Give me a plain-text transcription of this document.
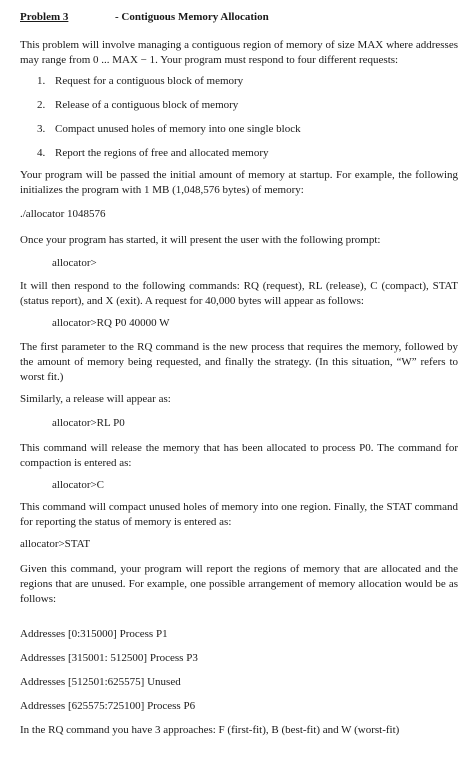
Problem 3	- Contiguous Memory Allocation

This problem will involve managing a contiguous region of memory of size MAX where addresses may range from 0 ... MAX − 1. Your program must respond to four different requests:

1. Request for a contiguous block of memory
2. Release of a contiguous block of memory
3. Compact unused holes of memory into one single block
4. Report the regions of free and allocated memory

Your program will be passed the initial amount of memory at startup. For example, the following initializes the program with 1 MB (1,048,576 bytes) of memory:

./allocator 1048576

Once your program has started, it will present the user with the following prompt:

allocator>

It will then respond to the following commands: RQ (request), RL (release), C (compact), STAT (status report), and X (exit). A request for 40,000 bytes will appear as follows:

allocator>RQ P0 40000 W

The first parameter to the RQ command is the new process that requires the memory, followed by the amount of memory being requested, and finally the strategy. (In this situation, “W” refers to worst fit.)

Similarly, a release will appear as:

allocator>RL P0

This command will release the memory that has been allocated to process P0. The command for compaction is entered as:

allocator>C

This command will compact unused holes of memory into one region. Finally, the STAT command for reporting the status of memory is entered as:

allocator>STAT

Given this command, your program will report the regions of memory that are allocated and the regions that are unused. For example, one possible arrangement of memory allocation would be as follows:

Addresses [0:315000] Process P1

Addresses [315001: 512500] Process P3

Addresses [512501:625575] Unused

Addresses [625575:725100] Process P6

In the RQ command you have 3 approaches: F (first-fit), B (best-fit) and W (worst-fit)
